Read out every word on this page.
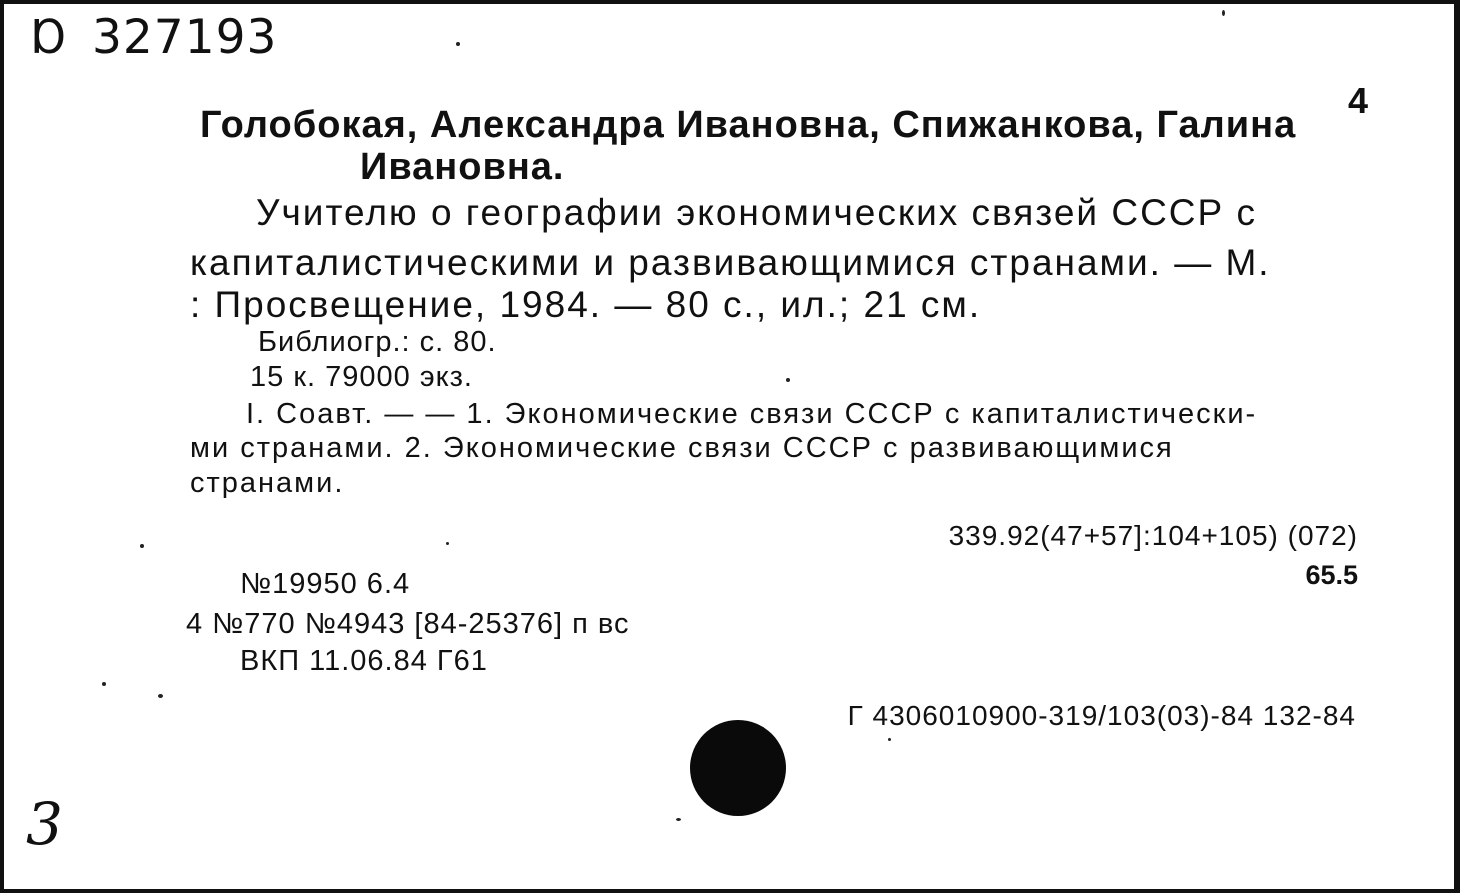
Ɒ 327193
4
Голобокая, Александра Ивановна, Спижанкова, Галина
Ивановна.
Учителю о географии экономических связей СССР с
капиталистическими и развивающимися странами. — М.
: Просвещение, 1984. — 80 с., ил.; 21 см.
Библиогр.: с. 80.
15 к. 79000 экз.
I. Соавт. — — 1. Экономические связи СССР с капиталистически-
ми странами. 2. Экономические связи СССР с развивающимися
странами.
339.92(47+57]:104+105) (072)
65.5
№19950 6.4
4 №770 №4943 [84-25376] п вс
ВКП 11.06.84 Г61
Г 4306010900-319/103(03)-84 132-84
3
